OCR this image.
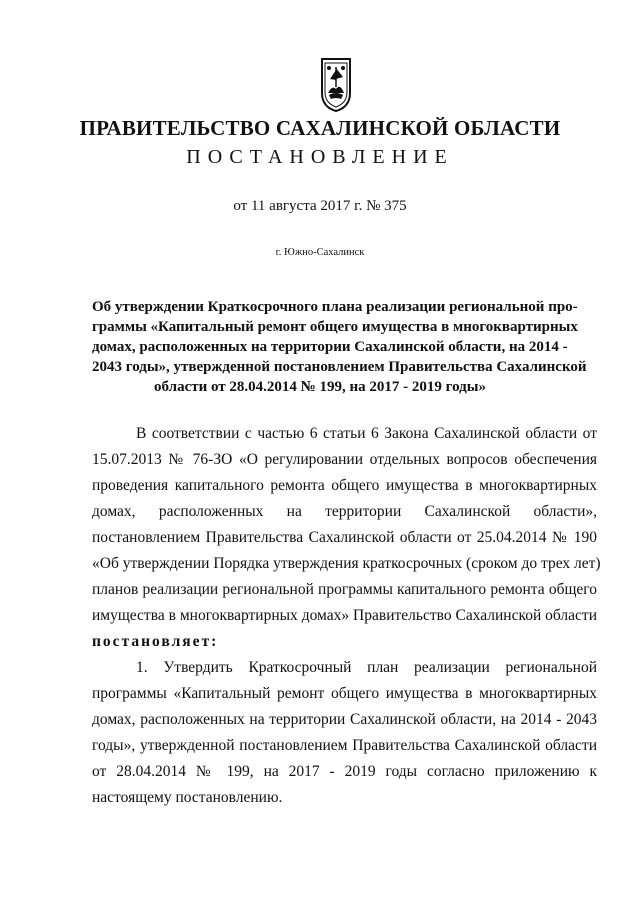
ПРАВИТЕЛЬСТВО САХАЛИНСКОЙ ОБЛАСТИ
ПОСТАНОВЛЕНИЕ
от 11 августа 2017 г. № 375
г. Южно-Сахалинск
Об утверждении Краткосрочного плана реализации региональной про-
граммы «Капитальный ремонт общего имущества в многоквартирных
домах, расположенных на территории Сахалинской области, на 2014 -
2043 годы», утвержденной постановлением Правительства Сахалинской
области от 28.04.2014 № 199, на 2017 - 2019 годы»
В соответствии с частью 6 статьи 6 Закона Сахалинской области от
15.07.2013 № 76-ЗО «О регулировании отдельных вопросов обеспечения
проведения капитального ремонта общего имущества в многоквартирных
домах, расположенных на территории Сахалинской области»,
постановлением Правительства Сахалинской области от 25.04.2014 № 190
«Об утверждении Порядка утверждения краткосрочных (сроком до трех лет)
планов реализации региональной программы капитального ремонта общего
имущества в многоквартирных домах» Правительство Сахалинской области
постановляет:
1. Утвердить Краткосрочный план реализации региональной
программы «Капитальный ремонт общего имущества в многоквартирных
домах, расположенных на территории Сахалинской области, на 2014 - 2043
годы», утвержденной постановлением Правительства Сахалинской области
от 28.04.2014 № 199, на 2017 - 2019 годы согласно приложению к
настоящему постановлению.
